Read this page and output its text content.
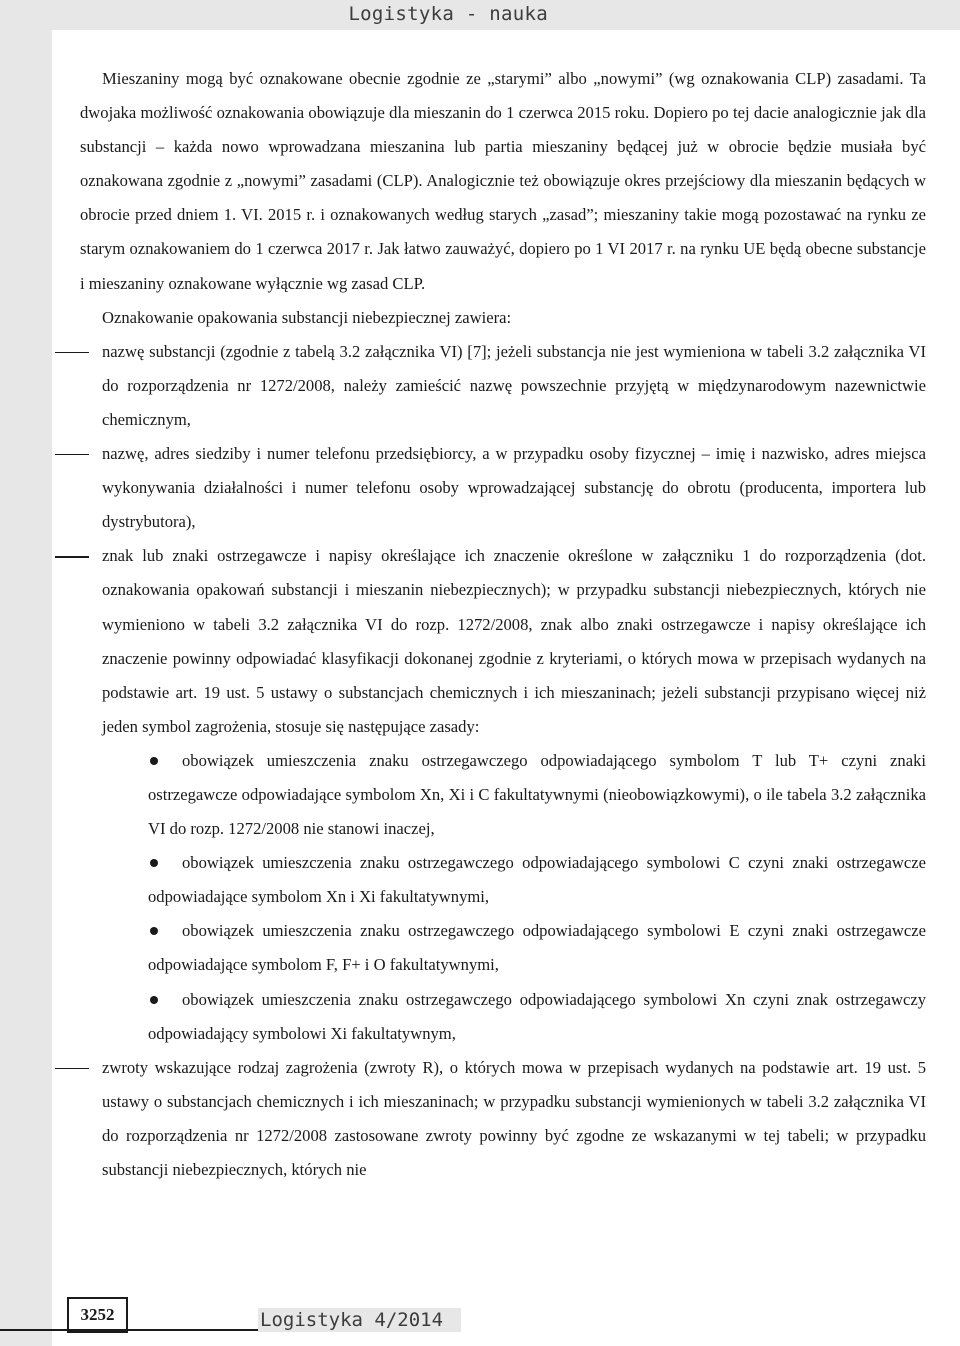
Logistyka - nauka

Mieszaniny mogą być oznakowane obecnie zgodnie ze „starymi” albo „nowymi” (wg oznakowania CLP) zasadami. Ta dwojaka możliwość oznakowania obowiązuje dla mieszanin do 1 czerwca 2015 roku. Dopiero po tej dacie analogicznie jak dla substancji – każda nowo wprowadzana mieszanina lub partia mieszaniny będącej już w obrocie będzie musiała być oznakowana zgodnie z „nowymi” zasadami (CLP). Analogicznie też obowiązuje okres przejściowy dla mieszanin będących w obrocie przed dniem 1. VI. 2015 r. i oznakowanych według starych „zasad”; mieszaniny takie mogą pozostawać na rynku ze starym oznakowaniem do 1 czerwca 2017 r. Jak łatwo zauważyć, dopiero po 1 VI 2017 r. na rynku UE będą obecne substancje i mieszaniny oznakowane wyłącznie wg zasad CLP.

Oznakowanie opakowania substancji niebezpiecznej zawiera:

nazwę substancji (zgodnie z tabelą 3.2 załącznika VI) [7]; jeżeli substancja nie jest wymieniona w tabeli 3.2 załącznika VI do rozporządzenia nr 1272/2008, należy zamieścić nazwę powszechnie przyjętą w międzynarodowym nazewnictwie chemicznym,
nazwę, adres siedziby i numer telefonu przedsiębiorcy, a w przypadku osoby fizycznej – imię i nazwisko, adres miejsca wykonywania działalności i numer telefonu osoby wprowadzającej substancję do obrotu (producenta, importera lub dystrybutora),
znak lub znaki ostrzegawcze i napisy określające ich znaczenie określone w załączniku 1 do rozporządzenia (dot. oznakowania opakowań substancji i mieszanin niebezpiecznych); w przypadku substancji niebezpiecznych, których nie wymieniono w tabeli 3.2 załącznika VI do rozp. 1272/2008, znak albo znaki ostrzegawcze i napisy określające ich znaczenie powinny odpowiadać klasyfikacji dokonanej zgodnie z kryteriami, o których mowa w przepisach wydanych na podstawie art. 19 ust. 5 ustawy o substancjach chemicznych i ich mieszaninach; jeżeli substancji przypisano więcej niż jeden symbol zagrożenia, stosuje się następujące zasady:
obowiązek umieszczenia znaku ostrzegawczego odpowiadającego symbolom T lub T+ czyni znaki ostrzegawcze odpowiadające symbolom Xn, Xi i C fakultatywnymi (nieobowiązkowymi), o ile tabela 3.2 załącznika VI do rozp. 1272/2008 nie stanowi inaczej,
obowiązek umieszczenia znaku ostrzegawczego odpowiadającego symbolowi C czyni znaki ostrzegawcze odpowiadające symbolom Xn i Xi fakultatywnymi,
obowiązek umieszczenia znaku ostrzegawczego odpowiadającego symbolowi E czyni znaki ostrzegawcze odpowiadające symbolom F, F+ i O fakultatywnymi,
obowiązek umieszczenia znaku ostrzegawczego odpowiadającego symbolowi Xn czyni znak ostrzegawczy odpowiadający symbolowi Xi fakultatywnym,
zwroty wskazujące rodzaj zagrożenia (zwroty R), o których mowa w przepisach wydanych na podstawie art. 19 ust. 5 ustawy o substancjach chemicznych i ich mieszaninach; w przypadku substancji wymienionych w tabeli 3.2 załącznika VI do rozporządzenia nr 1272/2008 zastosowane zwroty powinny być zgodne ze wskazanymi w tej tabeli; w przypadku substancji niebezpiecznych, których nie
3252	Logistyka 4/2014
